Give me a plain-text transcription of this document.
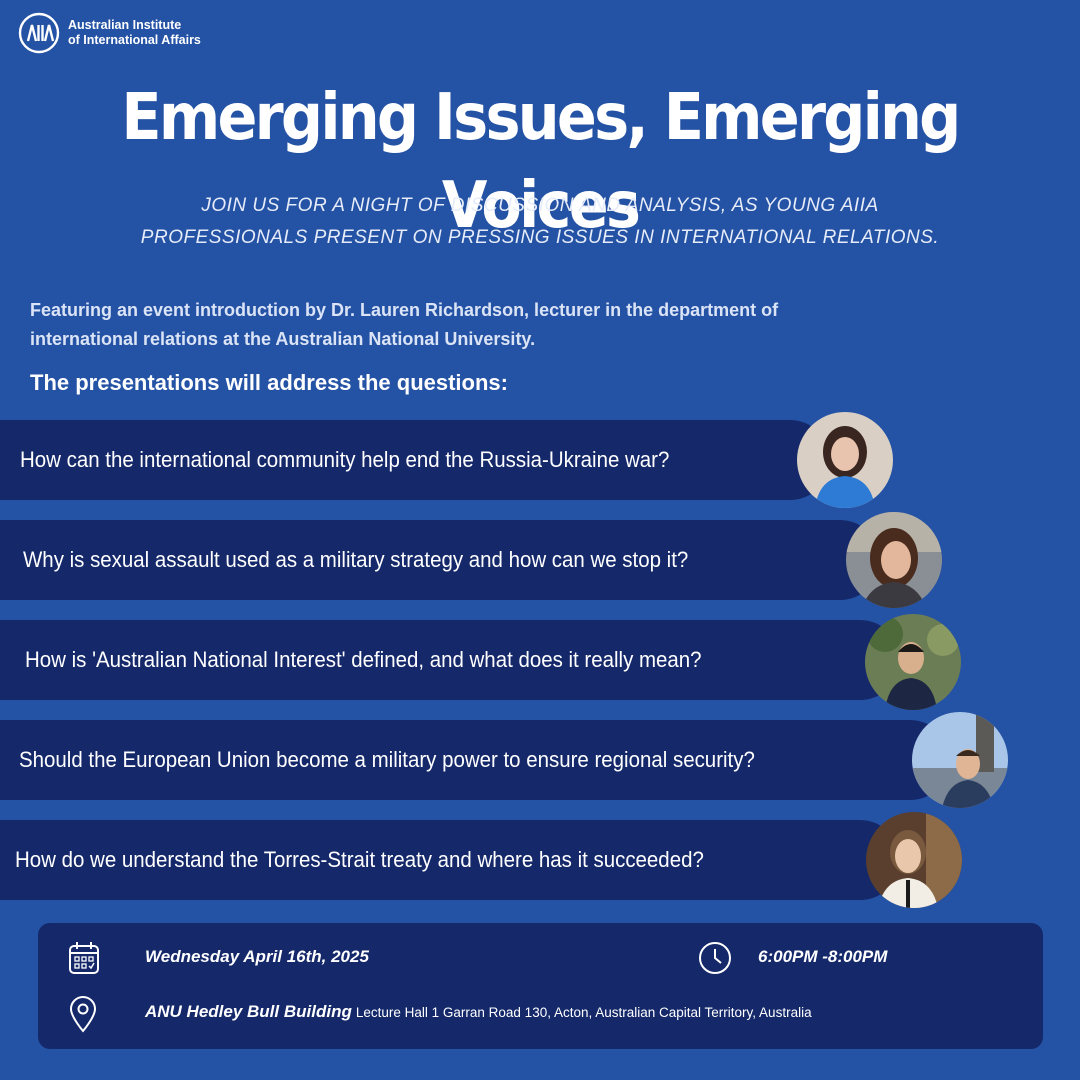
Australian Institute
of International Affairs
Emerging Issues, Emerging Voices
JOIN US FOR A NIGHT OF DISCUSSION AND ANALYSIS, AS YOUNG AIIA
PROFESSIONALS PRESENT ON PRESSING ISSUES IN INTERNATIONAL RELATIONS.
Featuring an event introduction by Dr. Lauren Richardson, lecturer in the department of
international relations at the Australian National University.
The presentations will address the questions:
How can the international community help end the Russia-Ukraine war?
Why is sexual assault used as a military strategy and how can we stop it?
How is 'Australian National Interest' defined, and what does it really mean?
Should the European Union become a military power to ensure regional security?
How do we understand the Torres-Strait treaty and where has it succeeded?
Wednesday April 16th, 2025	6:00PM -8:00PM
ANU Hedley Bull Building Lecture Hall 1 Garran Road 130, Acton, Australian Capital Territory, Australia
